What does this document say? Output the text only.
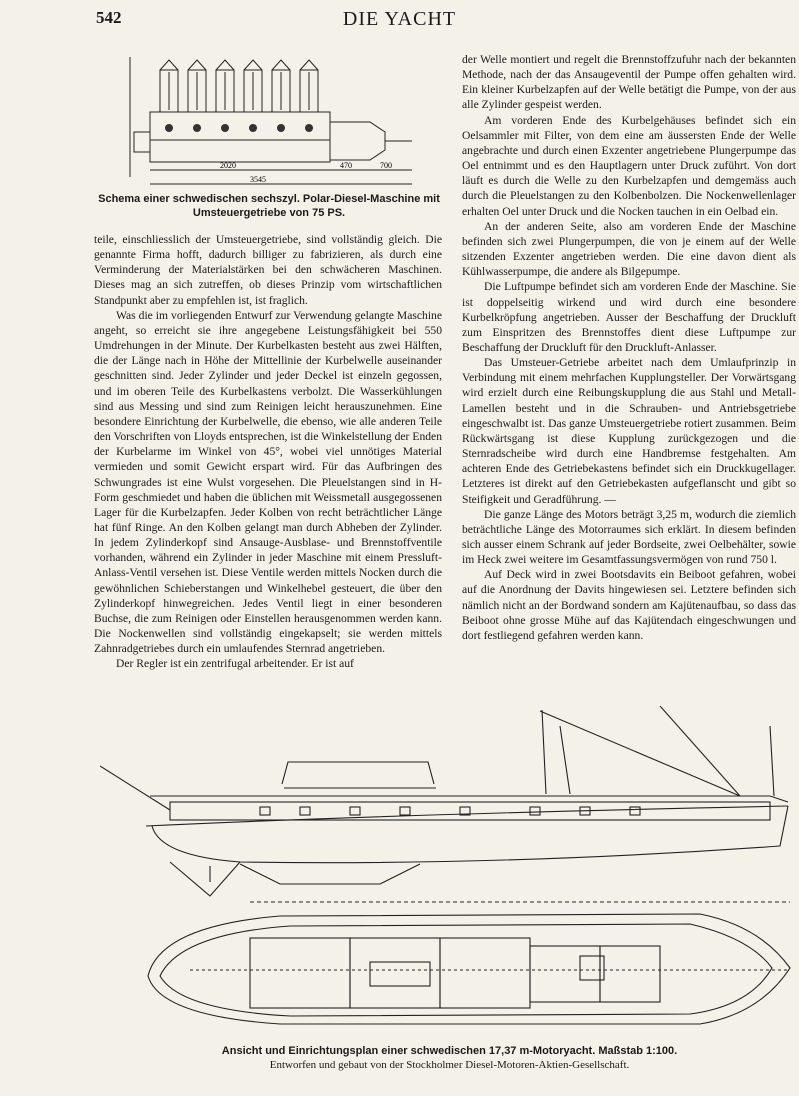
542	DIE YACHT
2020
3545
470	700
Schema einer schwedischen sechszyl. Polar-Diesel-Maschine mit
Umsteuergetriebe von 75 PS.

teile, einschliesslich der Umsteuergetriebe, sind vollständig gleich. Die genannte Firma hofft, dadurch billiger zu fabrizieren, als durch eine Verminderung der Materialstärken bei den schwächeren Maschinen. Dieses mag an sich zutreffen, ob dieses Prinzip vom wirtschaftlichen Standpunkt aber zu empfehlen ist, ist fraglich.

Was die im vorliegenden Entwurf zur Verwendung gelangte Maschine angeht, so erreicht sie ihre angegebene Leistungsfähigkeit bei 550 Umdrehungen in der Minute. Der Kurbelkasten besteht aus zwei Hälften, die der Länge nach in Höhe der Mittellinie der Kurbelwelle auseinander geschnitten sind. Jeder Zylinder und jeder Deckel ist einzeln gegossen, und im oberen Teile des Kurbelkastens verbolzt. Die Wasserkühlungen sind aus Messing und sind zum Reinigen leicht herauszunehmen. Eine besondere Einrichtung der Kurbelwelle, die ebenso, wie alle anderen Teile den Vorschriften von Lloyds entsprechen, ist die Winkelstellung der Enden der Kurbelarme im Winkel von 45°, wobei viel unnötiges Material vermieden und somit Gewicht erspart wird. Für das Aufbringen des Schwungrades ist eine Wulst vorgesehen. Die Pleuelstangen sind in H-Form geschmiedet und haben die üblichen mit Weissmetall ausgegossenen Lager für die Kurbelzapfen. Jeder Kolben von recht beträchtlicher Länge hat fünf Ringe. An den Kolben gelangt man durch Abheben der Zylinder. In jedem Zylinderkopf sind Ansauge-Ausblase- und Brennstoffventile vorhanden, während ein Zylinder in jeder Maschine mit einem Pressluft-Anlass-Ventil versehen ist. Diese Ventile werden mittels Nocken durch die gewöhnlichen Schieberstangen und Winkelhebel gesteuert, die über den Zylinderkopf hinwegreichen. Jedes Ventil liegt in einer besonderen Buchse, die zum Reinigen oder Einstellen herausgenommen werden kann. Die Nockenwellen sind vollständig eingekapselt; sie werden mittels Zahnradgetriebes durch ein umlaufendes Sternrad angetrieben.

Der Regler ist ein zentrifugal arbeitender. Er ist auf

der Welle montiert und regelt die Brennstoffzufuhr nach der bekannten Methode, nach der das Ansaugeventil der Pumpe offen gehalten wird. Ein kleiner Kurbelzapfen auf der Welle betätigt die Pumpe, von der aus alle Zylinder gespeist werden.

Am vorderen Ende des Kurbelgehäuses befindet sich ein Oelsammler mit Filter, von dem eine am äussersten Ende der Welle angebrachte und durch einen Exzenter angetriebene Plungerpumpe das Oel entnimmt und es den Hauptlagern unter Druck zuführt. Von dort läuft es durch die Welle zu den Kurbelzapfen und demgemäss auch durch die Pleuelstangen zu den Kolbenbolzen. Die Nockenwellenlager erhalten Oel unter Druck und die Nocken tauchen in ein Oelbad ein.

An der anderen Seite, also am vorderen Ende der Maschine befinden sich zwei Plungerpumpen, die von je einem auf der Welle sitzenden Exzenter angetrieben werden. Die eine davon dient als Kühlwasserpumpe, die andere als Bilgepumpe.

Die Luftpumpe befindet sich am vorderen Ende der Maschine. Sie ist doppelseitig wirkend und wird durch eine besondere Kurbelkröpfung angetrieben. Ausser der Beschaffung der Druckluft zum Einspritzen des Brennstoffes dient diese Luftpumpe zur Beschaffung der Druckluft für den Druckluft-Anlasser.

Das Umsteuer-Getriebe arbeitet nach dem Umlaufprinzip in Verbindung mit einem mehrfachen Kupplungsteller. Der Vorwärtsgang wird erzielt durch eine Reibungskupplung die aus Stahl und Metall-Lamellen besteht und in die Schrauben- und Antriebsgetriebe eingeschwalbt ist. Das ganze Umsteuergetriebe rotiert zusammen. Beim Rückwärtsgang ist diese Kupplung zurückgezogen und die Sternradscheibe wird durch eine Handbremse festgehalten. Am achteren Ende des Getriebekastens befindet sich ein Druckkugellager. Letzteres ist direkt auf den Getriebekasten aufgeflanscht und gibt so Steifigkeit und Geradführung. —

Die ganze Länge des Motors beträgt 3,25 m, wodurch die ziemlich beträchtliche Länge des Motorraumes sich erklärt. In diesem befinden sich ausser einem Schrank auf jeder Bordseite, zwei Oelbehälter, sowie im Heck zwei weitere im Gesamtfassungsvermögen von rund 750 l.

Auf Deck wird in zwei Bootsdavits ein Beiboot gefahren, wobei auf die Anordnung der Davits hingewiesen sei. Letztere befinden sich nämlich nicht an der Bordwand sondern am Kajütenaufbau, so dass das Beiboot ohne grosse Mühe auf das Kajütendach eingeschwungen und dort festliegend gefahren werden kann.

Ansicht und Einrichtungsplan einer schwedischen 17,37 m-Motoryacht. Maßstab 1:100.
Entworfen und gebaut von der Stockholmer Diesel-Motoren-Aktien-Gesellschaft.
